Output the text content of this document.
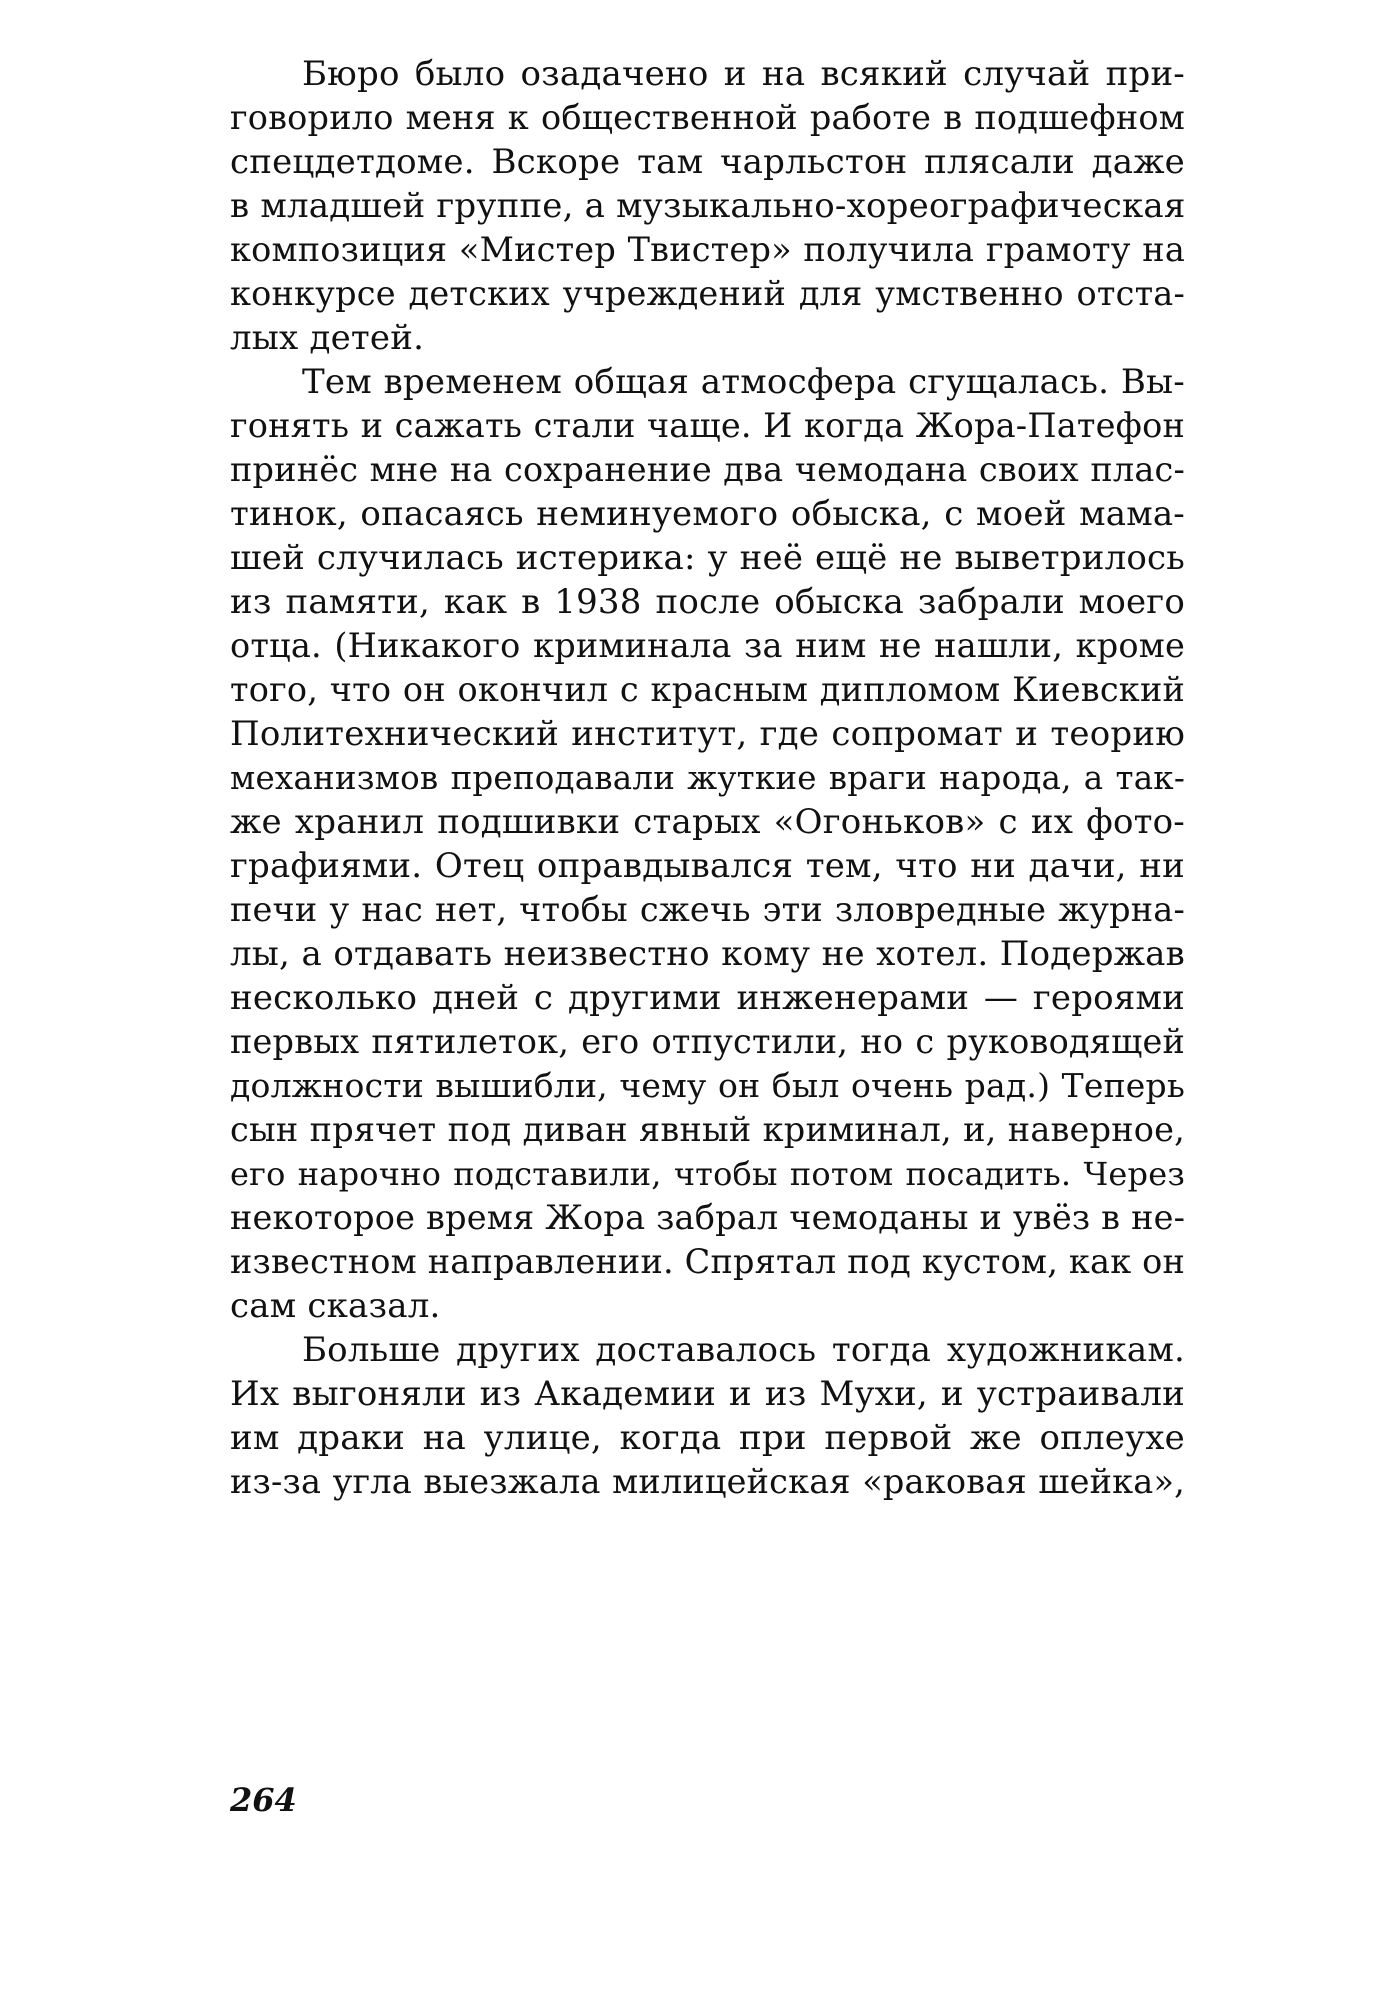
Бюро было озадачено и на всякий случай при-
говорило меня к общественной работе в подшефном
спецдетдоме. Вскоре там чарльстон плясали даже
в младшей группе, а музыкально-хореографическая
композиция «Мистер Твистер» получила грамоту на
конкурсе детских учреждений для умственно отста-
лых детей.
Тем временем общая атмосфера сгущалась. Вы-
гонять и сажать стали чаще. И когда Жора-Патефон
принёс мне на сохранение два чемодана своих плас-
тинок, опасаясь неминуемого обыска, с моей мама-
шей случилась истерика: у неё ещё не выветрилось
из памяти, как в 1938 после обыска забрали моего
отца. (Никакого криминала за ним не нашли, кроме
того, что он окончил с красным дипломом Киевский
Политехнический институт, где сопромат и теорию
механизмов преподавали жуткие враги народа, а так-
же хранил подшивки старых «Огоньков» с их фото-
графиями. Отец оправдывался тем, что ни дачи, ни
печи у нас нет, чтобы сжечь эти зловредные журна-
лы, а отдавать неизвестно кому не хотел. Подержав
несколько дней с другими инженерами — героями
первых пятилеток, его отпустили, но с руководящей
должности вышибли, чему он был очень рад.) Теперь
сын прячет под диван явный криминал, и, наверное,
его нарочно подставили, чтобы потом посадить. Через
некоторое время Жора забрал чемоданы и увёз в не-
известном направлении. Спрятал под кустом, как он
сам сказал.
Больше других доставалось тогда художникам.
Их выгоняли из Академии и из Мухи, и устраивали
им драки на улице, когда при первой же оплеухе
из-за угла выезжала милицейская «раковая шейка»,
264
